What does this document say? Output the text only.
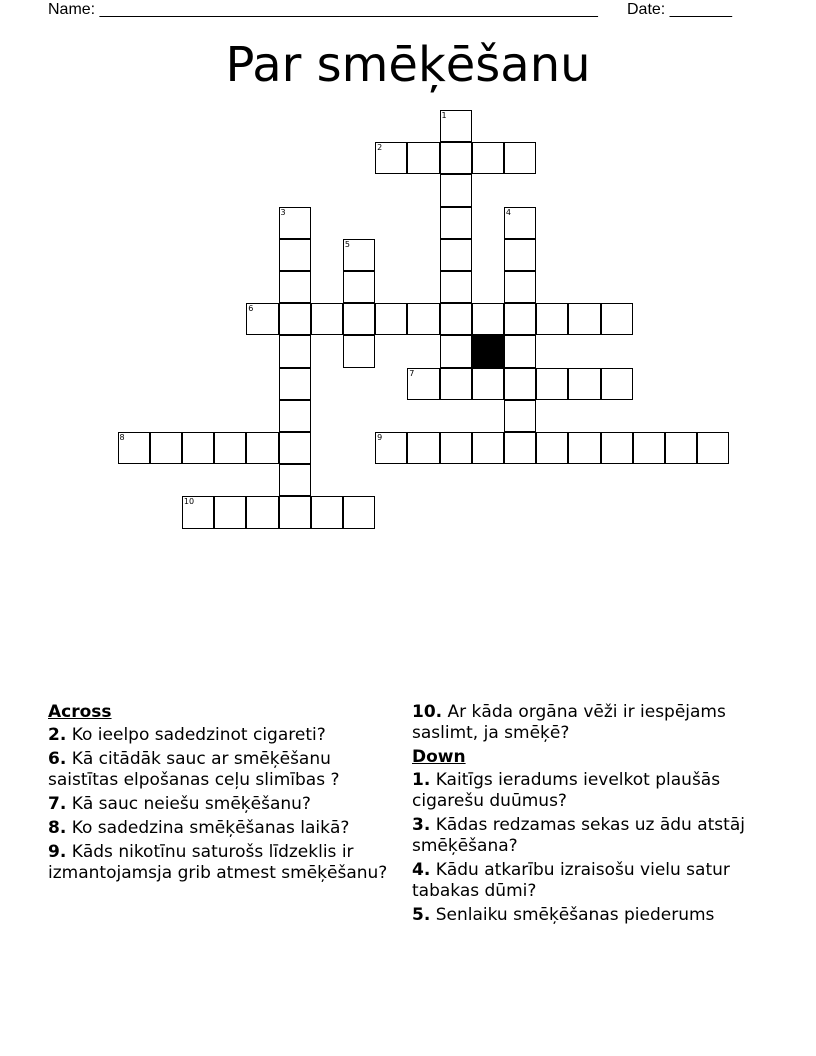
Name: ________________________________________________________ Date: _______
Par smēķēšanu
1
2
3	4
5
6
7
8	9
10
Across
2. Ko ieelpo sadedzinot cigareti?
6. Kā citādāk sauc ar smēķēšanu saistītas elpošanas ceļu slimības ?
7. Kā sauc neiešu smēķēšanu?
8. Ko sadedzina smēķēšanas laikā?
9. Kāds nikotīnu saturošs līdzeklis ir izmantojamsja grib atmest smēķēšanu?
10. Ar kāda orgāna vēži ir iespējams saslimt, ja smēķē?
Down
1. Kaitīgs ieradums ievelkot plaušās cigarešu duūmus?
3. Kādas redzamas sekas uz ādu atstāj smēķēšana?
4. Kādu atkarību izraisošu vielu satur tabakas dūmi?
5. Senlaiku smēķēšanas piederums
